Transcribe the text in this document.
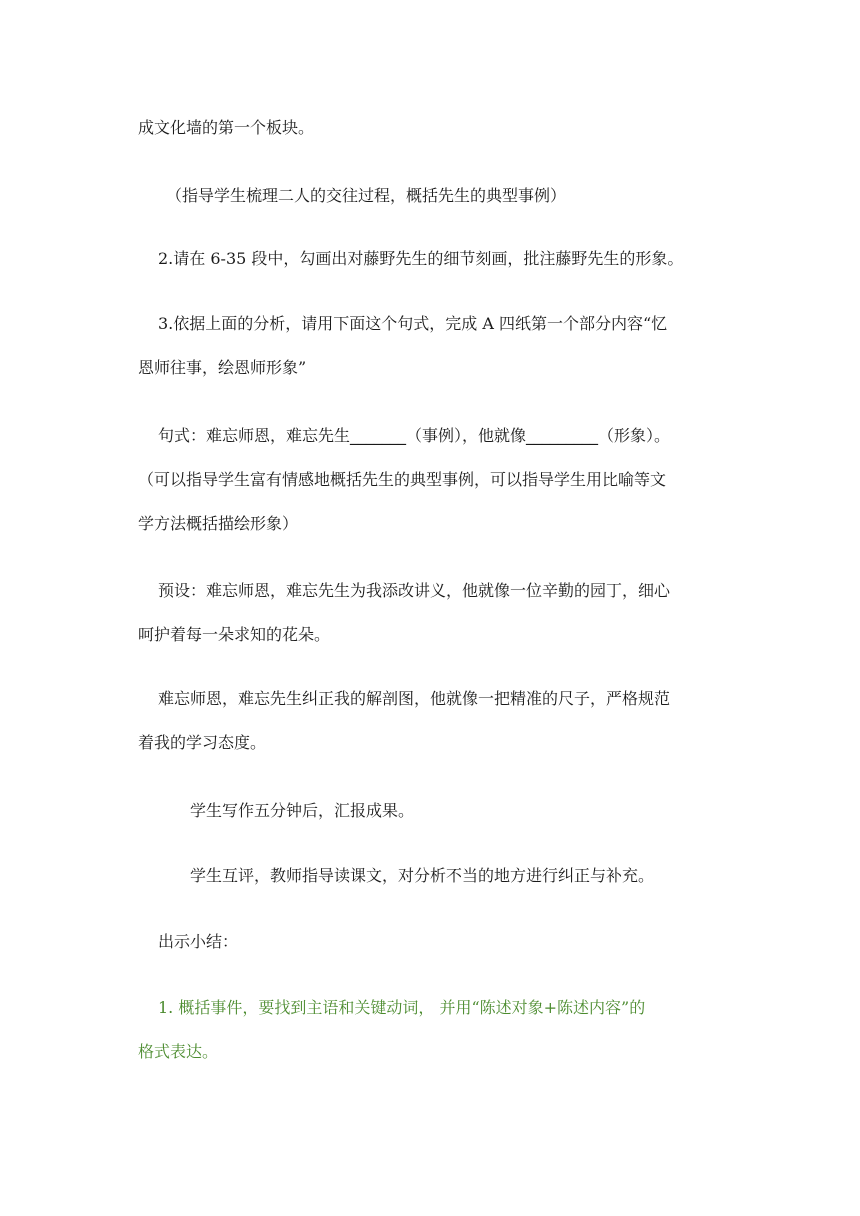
成文化墙的第一个板块。
（指导学生梳理二人的交往过程，概括先生的典型事例）
2.请在 6-35 段中，勾画出对藤野先生的细节刻画，批注藤野先生的形象。
3.依据上面的分析，请用下面这个句式，完成 A 四纸第一个部分内容“忆
恩师往事，绘恩师形象”
句式：难忘师恩，难忘先生_______（事例），他就像_________（形象）。
（可以指导学生富有情感地概括先生的典型事例，可以指导学生用比喻等文
学方法概括描绘形象）
预设：难忘师恩，难忘先生为我添改讲义，他就像一位辛勤的园丁，细心
呵护着每一朵求知的花朵。
难忘师恩，难忘先生纠正我的解剖图，他就像一把精准的尺子，严格规范
着我的学习态度。
学生写作五分钟后，汇报成果。
学生互评，教师指导读课文，对分析不当的地方进行纠正与补充。
出示小结：
1. 概括事件，要找到主语和关键动词， 并用“陈述对象+陈述内容”的
格式表达。
